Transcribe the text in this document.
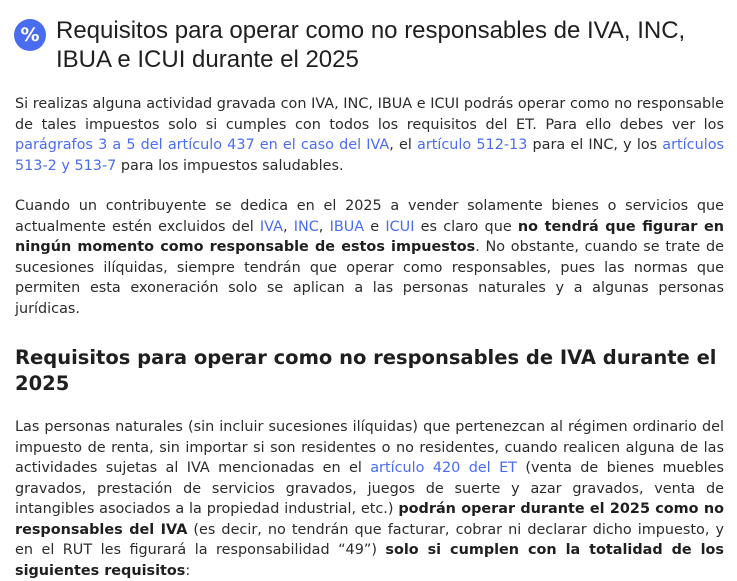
% Requisitos para operar como no responsables de IVA, INC, IBUA e ICUI durante el 2025

Si realizas alguna actividad gravada con IVA, INC, IBUA e ICUI podrás operar como no responsable de tales impuestos solo si cumples con todos los requisitos del ET. Para ello debes ver los parágrafos 3 a 5 del artículo 437 en el caso del IVA, el artículo 512-13 para el INC, y los artículos 513-2 y 513-7 para los impuestos saludables.

Cuando un contribuyente se dedica en el 2025 a vender solamente bienes o servicios que actualmente estén excluidos del IVA, INC, IBUA e ICUI es claro que no tendrá que figurar en ningún momento como responsable de estos impuestos. No obstante, cuando se trate de sucesiones ilíquidas, siempre tendrán que operar como responsables, pues las normas que permiten esta exoneración solo se aplican a las personas naturales y a algunas personas jurídicas.

Requisitos para operar como no responsables de IVA durante el 2025

Las personas naturales (sin incluir sucesiones ilíquidas) que pertenezcan al régimen ordinario del impuesto de renta, sin importar si son residentes o no residentes, cuando realicen alguna de las actividades sujetas al IVA mencionadas en el artículo 420 del ET (venta de bienes muebles gravados, prestación de servicios gravados, juegos de suerte y azar gravados, venta de intangibles asociados a la propiedad industrial, etc.) podrán operar durante el 2025 como no responsables del IVA (es decir, no tendrán que facturar, cobrar ni declarar dicho impuesto, y en el RUT les figurará la responsabilidad “49”) solo si cumplen con la totalidad de los siguientes requisitos:
